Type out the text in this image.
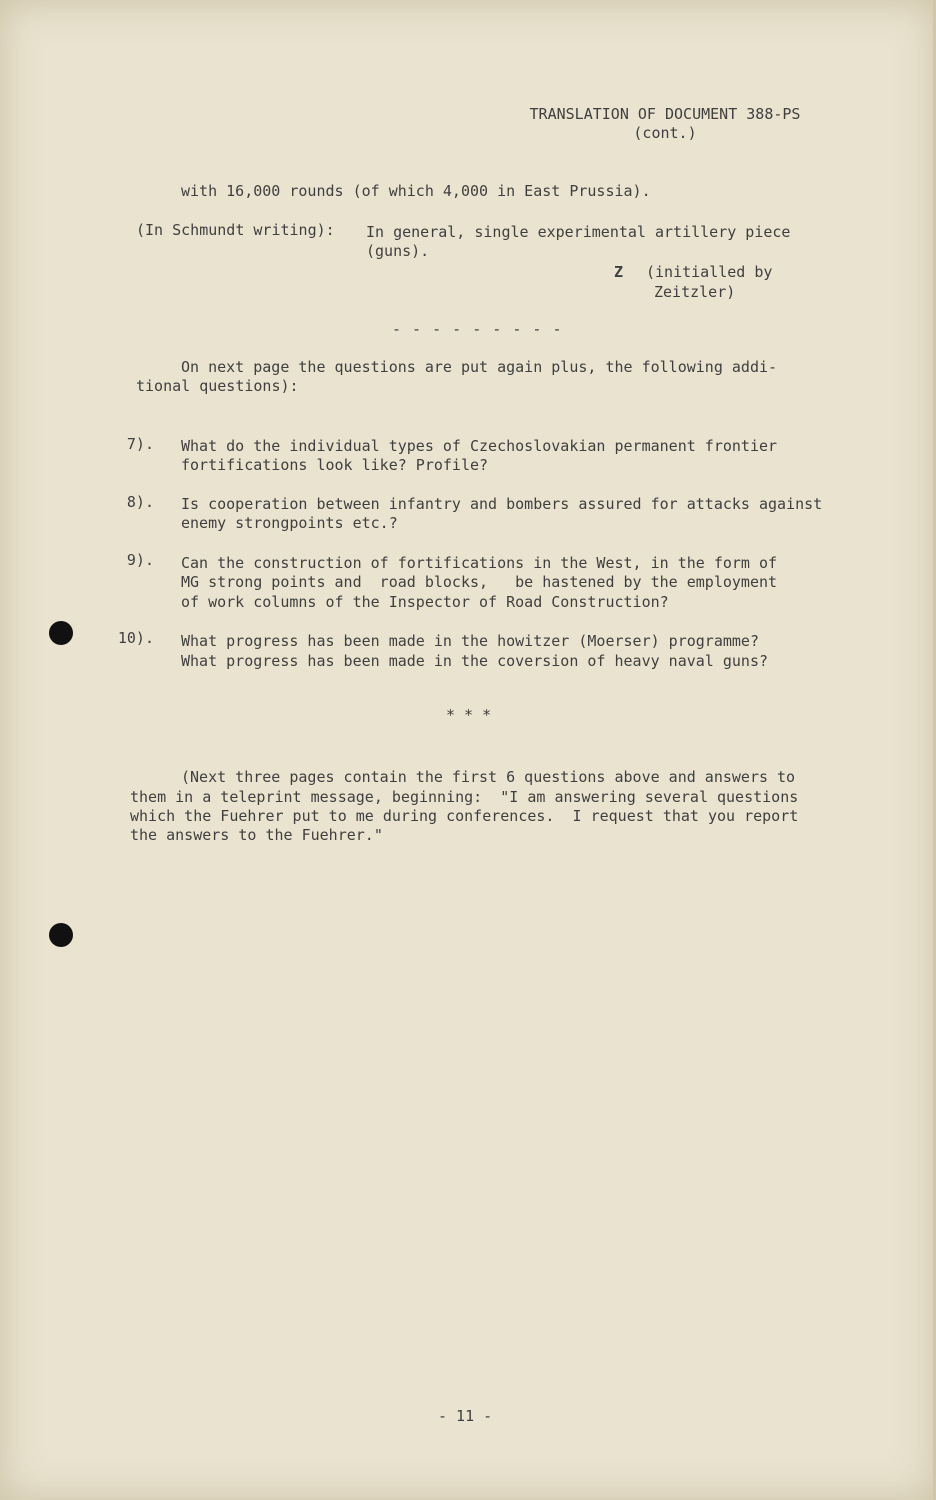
TRANSLATION OF DOCUMENT 388-PS
(cont.)
with 16,000 rounds (of which 4,000 in East Prussia).
(In Schmundt writing): In general, single experimental artillery piece
(guns).
Z (initialled by
Zeitzler)
- - - - - - - - -
On next page the questions are put again plus, the following addi-
tional questions):
7). What do the individual types of Czechoslovakian permanent frontier
fortifications look like? Profile?
8). Is cooperation between infantry and bombers assured for attacks against
enemy strongpoints etc.?
9). Can the construction of fortifications in the West, in the form of
MG strong points and  road blocks,   be hastened by the employment
of work columns of the Inspector of Road Construction?
10). What progress has been made in the howitzer (Moerser) programme?
What progress has been made in the coversion of heavy naval guns?
* * *
(Next three pages contain the first 6 questions above and answers to
them in a teleprint message, beginning:  "I am answering several questions
which the Fuehrer put to me during conferences.  I request that you report
the answers to the Fuehrer."
- 11 -
